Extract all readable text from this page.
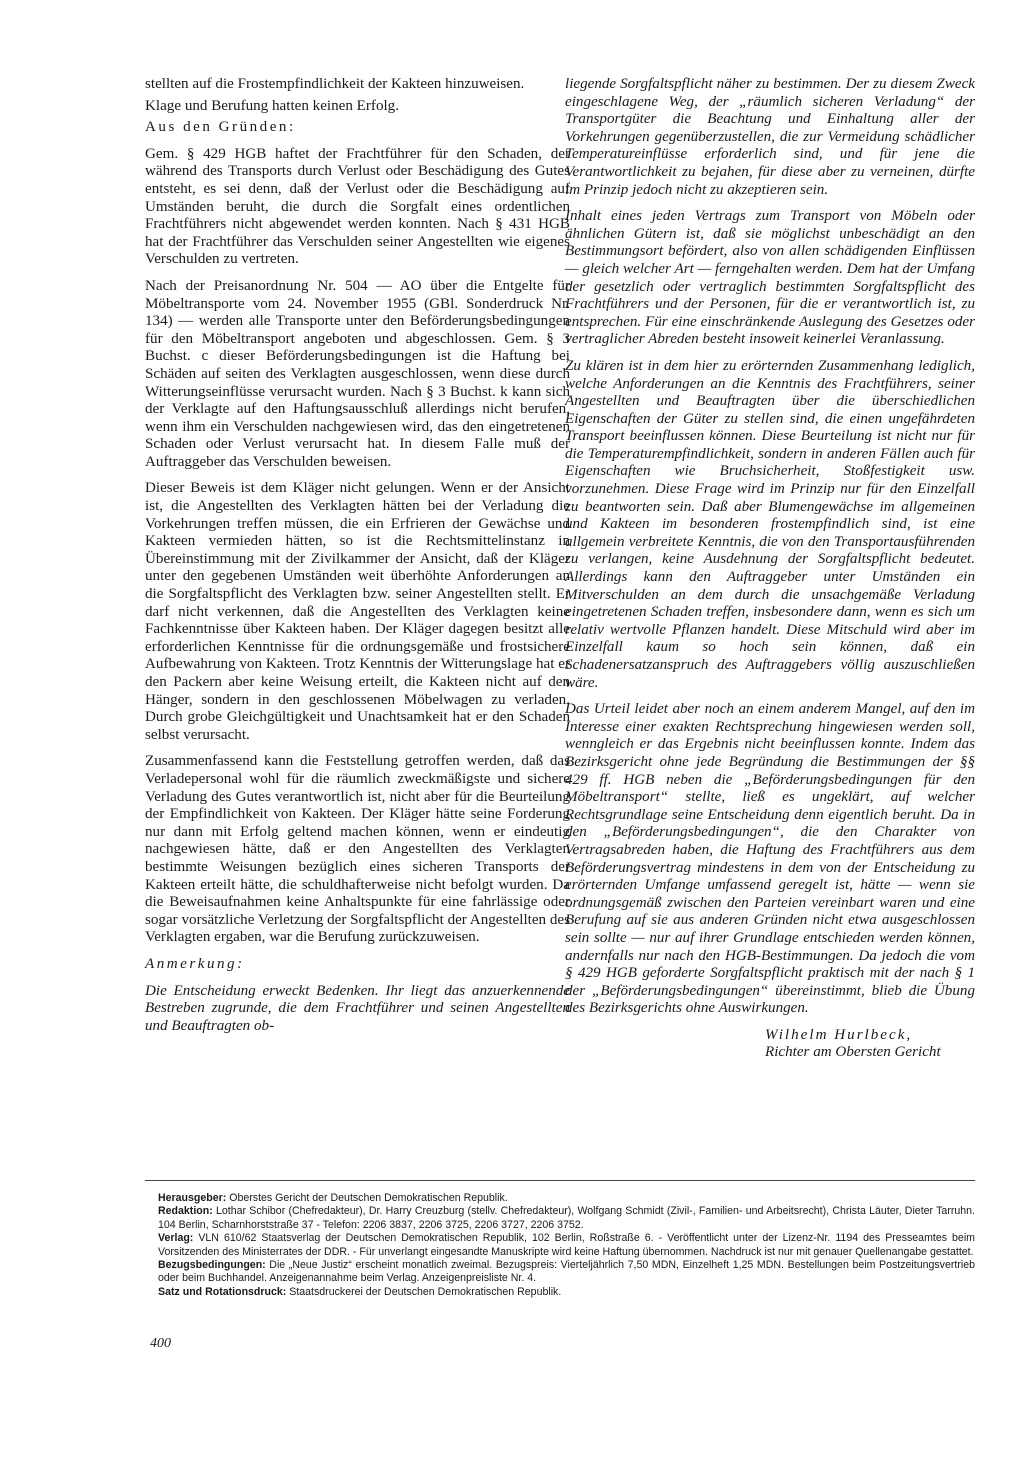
stellten auf die Frostempfindlichkeit der Kakteen hinzuweisen.

Klage und Berufung hatten keinen Erfolg.

Aus den Gründen:

Gem. § 429 HGB haftet der Frachtführer für den Schaden, der während des Transports durch Verlust oder Beschädigung des Gutes entsteht, es sei denn, daß der Verlust oder die Beschädigung auf Umständen beruht, die durch die Sorgfalt eines ordentlichen Frachtführers nicht abgewendet werden konnten. Nach § 431 HGB hat der Frachtführer das Verschulden seiner Angestellten wie eigenes Verschulden zu vertreten.

Nach der Preisanordnung Nr. 504 — AO über die Entgelte für Möbeltransporte vom 24. November 1955 (GBl. Sonderdruck Nr. 134) — werden alle Transporte unter den Beförderungsbedingungen für den Möbeltransport angeboten und abgeschlossen. Gem. § 3 Buchst. c dieser Beförderungsbedingungen ist die Haftung bei Schäden auf seiten des Verklagten ausgeschlossen, wenn diese durch Witterungseinflüsse verursacht wurden. Nach § 3 Buchst. k kann sich der Verklagte auf den Haftungsausschluß allerdings nicht berufen, wenn ihm ein Verschulden nachgewiesen wird, das den eingetretenen Schaden oder Verlust verursacht hat. In diesem Falle muß der Auftraggeber das Verschulden beweisen.

Dieser Beweis ist dem Kläger nicht gelungen. Wenn er der Ansicht ist, die Angestellten des Verklagten hätten bei der Verladung die Vorkehrungen treffen müssen, die ein Erfrieren der Gewächse und Kakteen vermieden hätten, so ist die Rechtsmittelinstanz in Übereinstimmung mit der Zivilkammer der Ansicht, daß der Kläger unter den gegebenen Umständen weit überhöhte Anforderungen an die Sorgfaltspflicht des Verklagten bzw. seiner Angestellten stellt. Er darf nicht verkennen, daß die Angestellten des Verklagten keine Fachkenntnisse über Kakteen haben. Der Kläger dagegen besitzt alle erforderlichen Kenntnisse für die ordnungsgemäße und frostsichere Aufbewahrung von Kakteen. Trotz Kenntnis der Witterungslage hat er den Packern aber keine Weisung erteilt, die Kakteen nicht auf den Hänger, sondern in den geschlossenen Möbelwagen zu verladen. Durch grobe Gleichgültigkeit und Unachtsamkeit hat er den Schaden selbst verursacht.

Zusammenfassend kann die Feststellung getroffen werden, daß das Verladepersonal wohl für die räumlich zweckmäßigste und sichere Verladung des Gutes verantwortlich ist, nicht aber für die Beurteilung der Empfindlichkeit von Kakteen. Der Kläger hätte seine Forderung nur dann mit Erfolg geltend machen können, wenn er eindeutig nachgewiesen hätte, daß er den Angestellten des Verklagten bestimmte Weisungen bezüglich eines sicheren Transports der Kakteen erteilt hätte, die schuldhafterweise nicht befolgt wurden. Da die Beweisaufnahmen keine Anhaltspunkte für eine fahrlässige oder sogar vorsätzliche Verletzung der Sorgfaltspflicht der Angestellten des Verklagten ergaben, war die Berufung zurückzuweisen.

Anmerkung:

Die Entscheidung erweckt Bedenken. Ihr liegt das anzuerkennende Bestreben zugrunde, die dem Frachtführer und seinen Angestellten und Beauftragten ob-

liegende Sorgfaltspflicht näher zu bestimmen. Der zu diesem Zweck eingeschlagene Weg, der „räumlich sicheren Verladung“ der Transportgüter die Beachtung und Einhaltung aller der Vorkehrungen gegenüberzustellen, die zur Vermeidung schädlicher Temperatureinflüsse erforderlich sind, und für jene die Verantwortlichkeit zu bejahen, für diese aber zu verneinen, dürfte im Prinzip jedoch nicht zu akzeptieren sein.

Inhalt eines jeden Vertrags zum Transport von Möbeln oder ähnlichen Gütern ist, daß sie möglichst unbeschädigt an den Bestimmungsort befördert, also von allen schädigenden Einflüssen — gleich welcher Art — ferngehalten werden. Dem hat der Umfang der gesetzlich oder vertraglich bestimmten Sorgfaltspflicht des Frachtführers und der Personen, für die er verantwortlich ist, zu entsprechen. Für eine einschränkende Auslegung des Gesetzes oder vertraglicher Abreden besteht insoweit keinerlei Veranlassung.

Zu klären ist in dem hier zu erörternden Zusammenhang lediglich, welche Anforderungen an die Kenntnis des Frachtführers, seiner Angestellten und Beauftragten über die überschiedlichen Eigenschaften der Güter zu stellen sind, die einen ungefährdeten Transport beeinflussen können. Diese Beurteilung ist nicht nur für die Temperaturempfindlichkeit, sondern in anderen Fällen auch für Eigenschaften wie Bruchsicherheit, Stoßfestigkeit usw. vorzunehmen. Diese Frage wird im Prinzip nur für den Einzelfall zu beantworten sein. Daß aber Blumengewächse im allgemeinen und Kakteen im besonderen frostempfindlich sind, ist eine allgemein verbreitete Kenntnis, die von den Transportausführenden zu verlangen, keine Ausdehnung der Sorgfaltspflicht bedeutet. Allerdings kann den Auftraggeber unter Umständen ein Mitverschulden an dem durch die unsachgemäße Verladung eingetretenen Schaden treffen, insbesondere dann, wenn es sich um relativ wertvolle Pflanzen handelt. Diese Mitschuld wird aber im Einzelfall kaum so hoch sein können, daß ein Schadenersatzanspruch des Auftraggebers völlig auszuschließen wäre.

Das Urteil leidet aber noch an einem anderem Mangel, auf den im Interesse einer exakten Rechtsprechung hingewiesen werden soll, wenngleich er das Ergebnis nicht beeinflussen konnte. Indem das Bezirksgericht ohne jede Begründung die Bestimmungen der §§ 429 ff. HGB neben die „Beförderungsbedingungen für den Möbeltransport“ stellte, ließ es ungeklärt, auf welcher Rechtsgrundlage seine Entscheidung denn eigentlich beruht. Da in den „Beförderungsbedingungen“, die den Charakter von Vertragsabreden haben, die Haftung des Frachtführers aus dem Beförderungsvertrag mindestens in dem von der Entscheidung zu erörternden Umfange umfassend geregelt ist, hätte — wenn sie ordnungsgemäß zwischen den Parteien vereinbart waren und eine Berufung auf sie aus anderen Gründen nicht etwa ausgeschlossen sein sollte — nur auf ihrer Grundlage entschieden werden können, andernfalls nur nach den HGB-Bestimmungen. Da jedoch die vom § 429 HGB geforderte Sorgfaltspflicht praktisch mit der nach § 1 der „Beförderungsbedingungen“ übereinstimmt, blieb die Übung des Bezirksgerichts ohne Auswirkungen.

Wilhelm Hurlbeck,
Richter am Obersten Gericht

Herausgeber: Oberstes Gericht der Deutschen Demokratischen Republik.

Redaktion: Lothar Schibor (Chefredakteur), Dr. Harry Creuzburg (stellv. Chefredakteur), Wolfgang Schmidt (Zivil-, Familien- und Arbeitsrecht), Christa Läuter, Dieter Tarruhn. 104 Berlin, Scharnhorststraße 37 - Telefon: 2206 3837, 2206 3725, 2206 3727, 2206 3752.

Verlag: VLN 610/62 Staatsverlag der Deutschen Demokratischen Republik, 102 Berlin, Roßstraße 6. - Veröffentlicht unter der Lizenz-Nr. 1194 des Presseamtes beim Vorsitzenden des Ministerrates der DDR. - Für unverlangt eingesandte Manuskripte wird keine Haftung übernommen. Nachdruck ist nur mit genauer Quellenangabe gestattet.

Bezugsbedingungen: Die „Neue Justiz“ erscheint monatlich zweimal. Bezugspreis: Vierteljährlich 7,50 MDN, Einzelheft 1,25 MDN. Bestellungen beim Postzeitungsvertrieb oder beim Buchhandel. Anzeigenannahme beim Verlag. Anzeigenpreisliste Nr. 4.

Satz und Rotationsdruck: Staatsdruckerei der Deutschen Demokratischen Republik.

400
